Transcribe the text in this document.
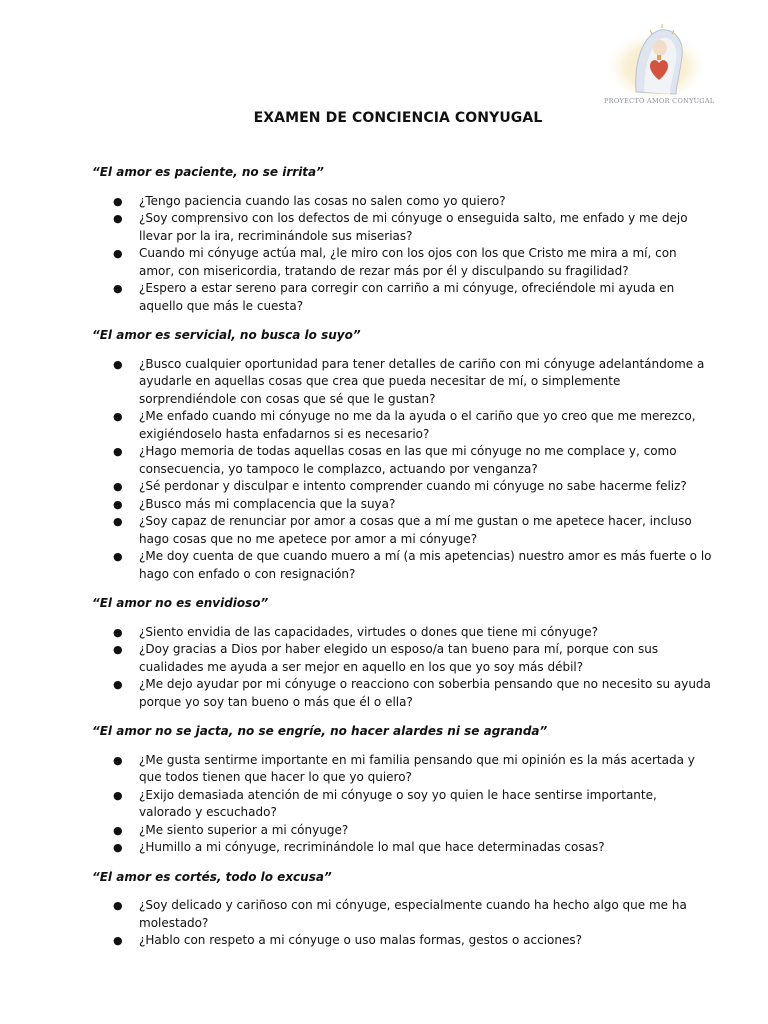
PROYECTO AMOR CONYUGAL
EXAMEN DE CONCIENCIA CONYUGAL
“El amor es paciente, no se irrita”
● ¿Tengo paciencia cuando las cosas no salen como yo quiero?
● ¿Soy comprensivo con los defectos de mi cónyuge o enseguida salto, me enfado y me dejo llevar por la ira, recriminándole sus miserias?
● Cuando mi cónyuge actúa mal, ¿le miro con los ojos con los que Cristo me mira a mí, con amor, con misericordia, tratando de rezar más por él y disculpando su fragilidad?
● ¿Espero a estar sereno para corregir con carriño a mi cónyuge, ofreciéndole mi ayuda en aquello que más le cuesta?
“El amor es servicial, no busca lo suyo”
● ¿Busco cualquier oportunidad para tener detalles de cariño con mi cónyuge adelantándome a ayudarle en aquellas cosas que crea que pueda necesitar de mí, o simplemente sorprendiéndole con cosas que sé que le gustan?
● ¿Me enfado cuando mi cónyuge no me da la ayuda o el cariño que yo creo que me merezco, exigiéndoselo hasta enfadarnos si es necesario?
● ¿Hago memoria de todas aquellas cosas en las que mi cónyuge no me complace y, como consecuencia, yo tampoco le complazco, actuando por venganza?
● ¿Sé perdonar y disculpar e intento comprender cuando mi cónyuge no sabe hacerme feliz?
● ¿Busco más mi complacencia que la suya?
● ¿Soy capaz de renunciar por amor a cosas que a mí me gustan o me apetece hacer, incluso hago cosas que no me apetece por amor a mi cónyuge?
● ¿Me doy cuenta de que cuando muero a mí (a mis apetencias) nuestro amor es más fuerte o lo hago con enfado o con resignación?
“El amor no es envidioso”
● ¿Siento envidia de las capacidades, virtudes o dones que tiene mi cónyuge?
● ¿Doy gracias a Dios por haber elegido un esposo/a tan bueno para mí, porque con sus cualidades me ayuda a ser mejor en aquello en los que yo soy más débil?
● ¿Me dejo ayudar por mi cónyuge o reacciono con soberbia pensando que no necesito su ayuda porque yo soy tan bueno o más que él o ella?
“El amor no se jacta, no se engríe, no hacer alardes ni se agranda”
● ¿Me gusta sentirme importante en mi familia pensando que mi opinión es la más acertada y que todos tienen que hacer lo que yo quiero?
● ¿Exijo demasiada atención de mi cónyuge o soy yo quien le hace sentirse importante, valorado y escuchado?
● ¿Me siento superior a mi cónyuge?
● ¿Humillo a mi cónyuge, recriminándole lo mal que hace determinadas cosas?
“El amor es cortés, todo lo excusa”
● ¿Soy delicado y cariñoso con mi cónyuge, especialmente cuando ha hecho algo que me ha molestado?
● ¿Hablo con respeto a mi cónyuge o uso malas formas, gestos o acciones?
